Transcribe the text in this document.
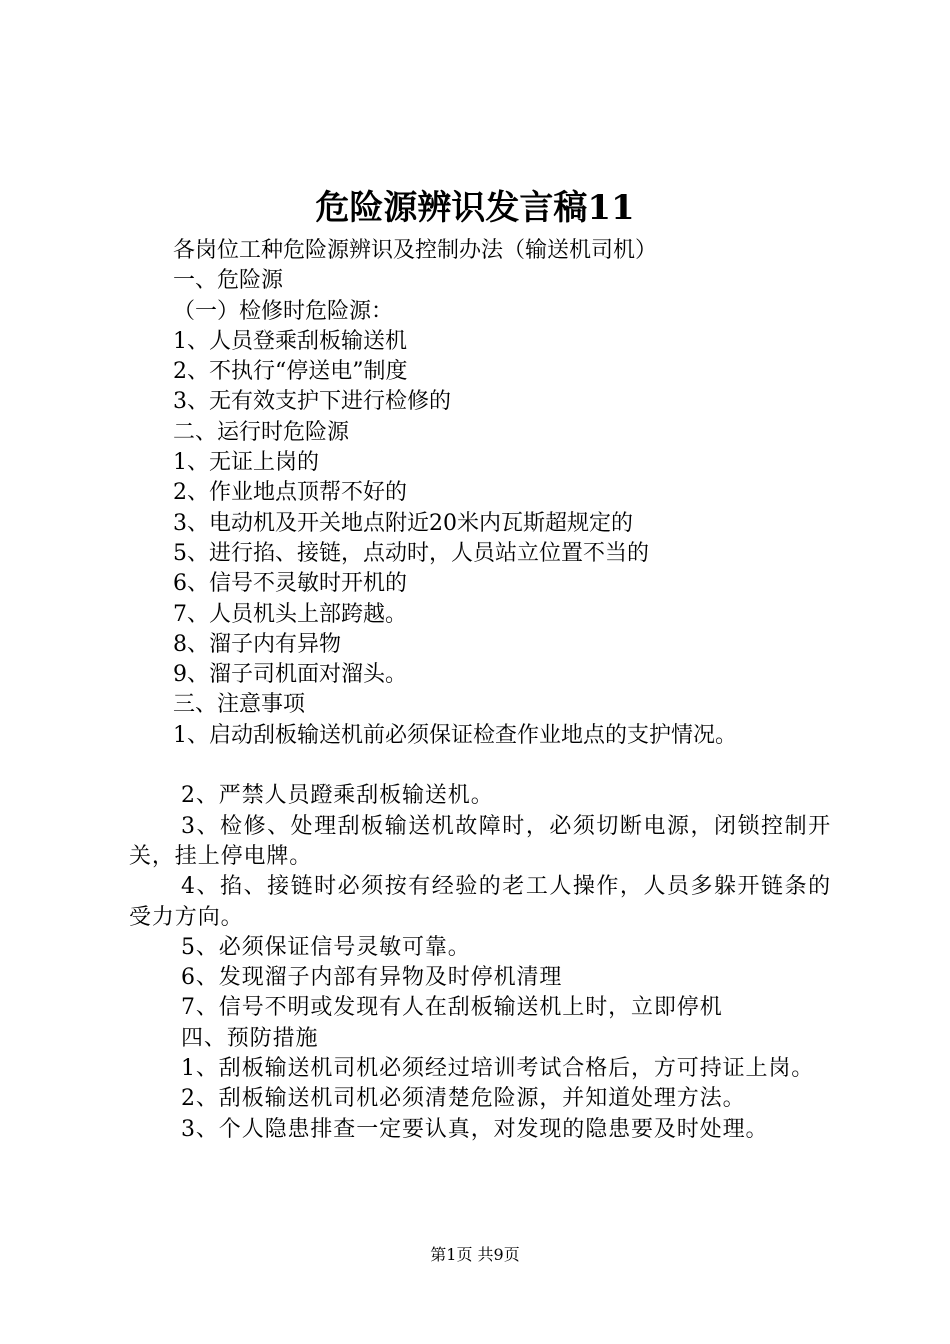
危险源辨识发言稿11

各岗位工种危险源辨识及控制办法（输送机司机）

一、危险源

（一）检修时危险源：

1、人员登乘刮板输送机

2、不执行“停送电”制度

3、无有效支护下进行检修的

二、运行时危险源

1、无证上岗的

2、作业地点顶帮不好的

3、电动机及开关地点附近20米内瓦斯超规定的

5、进行掐、接链，点动时，人员站立位置不当的

6、信号不灵敏时开机的

7、人员机头上部跨越。

8、溜子内有异物

9、溜子司机面对溜头。

三、注意事项

1、启动刮板输送机前必须保证检查作业地点的支护情况。

2、严禁人员蹬乘刮板输送机。

3、检修、处理刮板输送机故障时，必须切断电源，闭锁控制开关，挂上停电牌。

4、掐、接链时必须按有经验的老工人操作，人员多躲开链条的受力方向。

5、必须保证信号灵敏可靠。

6、发现溜子内部有异物及时停机清理

7、信号不明或发现有人在刮板输送机上时，立即停机

四、预防措施

1、刮板输送机司机必须经过培训考试合格后，方可持证上岗。

2、刮板输送机司机必须清楚危险源，并知道处理方法。

3、个人隐患排查一定要认真，对发现的隐患要及时处理。

第1页 共9页
